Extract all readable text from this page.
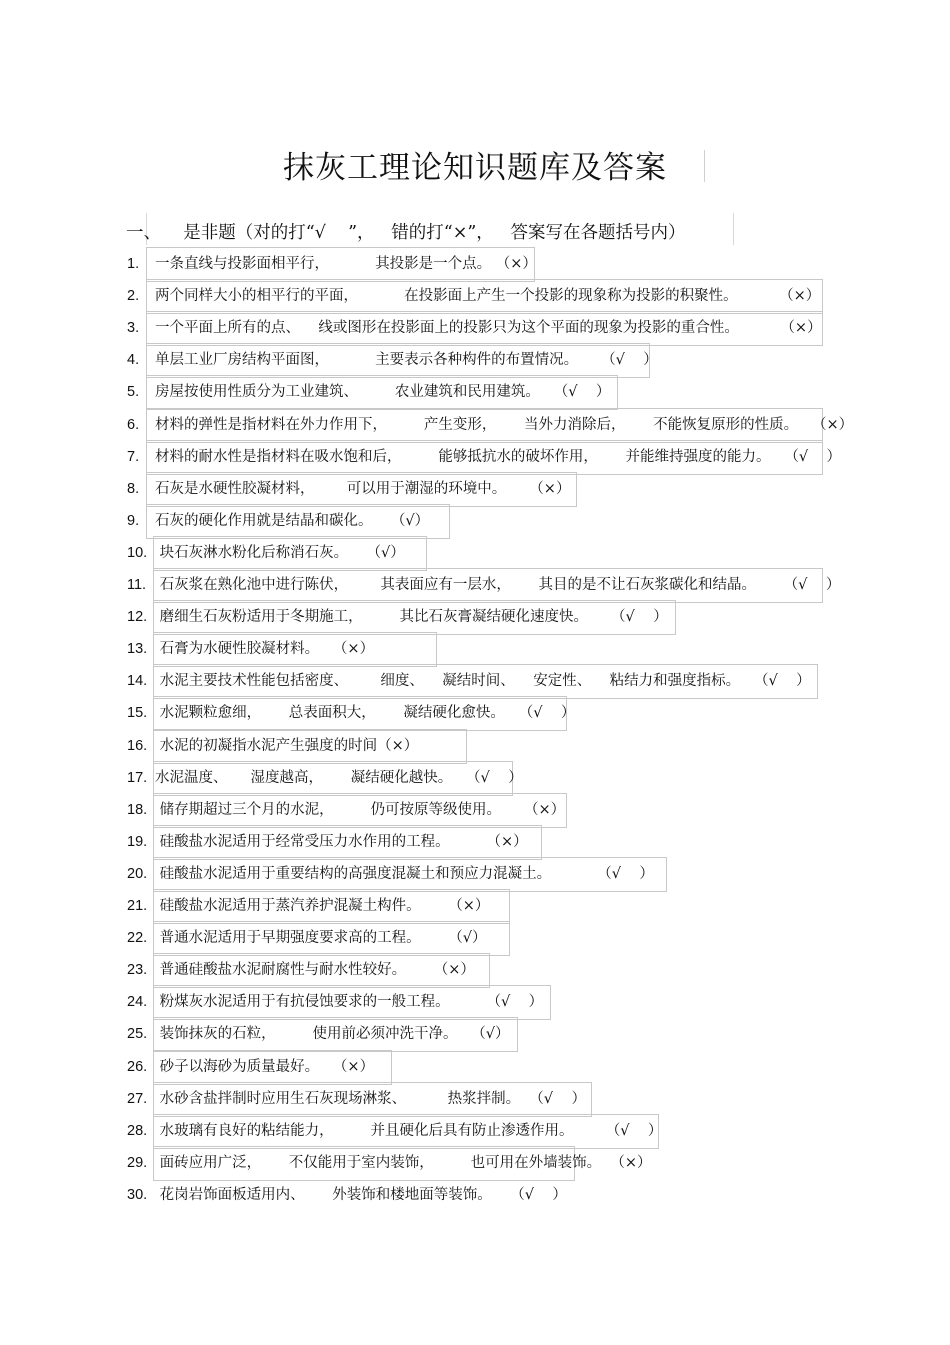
抹灰工理论知识题库及答案
一、 是非题（对的打“√    ”，   错的打“×”，   答案写在各题括号内）
1. 一条直线与投影面相平行，          其投影是一个点。 （×）
2. 两个同样大小的相平行的平面，          在投影面上产生一个投影的现象称为投影的积聚性。         （×）
3. 一个平面上所有的点、    线或图形在投影面上的投影只为这个平面的现象为投影的重合性。         （×）
4. 单层工业厂房结构平面图，          主要表示各种构件的布置情况。     （√    ）
5. 房屋按使用性质分为工业建筑、        农业建筑和民用建筑。   （√    ）
6. 材料的弹性是指材料在外力作用下，        产生变形，      当外力消除后，      不能恢复原形的性质。   （×）
7. 材料的耐水性是指材料在吸水饱和后，        能够抵抗水的破坏作用，      并能维持强度的能力。   （√    ）
8. 石灰是水硬性胶凝材料，       可以用于潮湿的环境中。     （×）
9. 石灰的硬化作用就是结晶和碳化。    （√）
10. 块石灰淋水粉化后称消石灰。    （√）
11. 石灰浆在熟化池中进行陈伏，       其表面应有一层水，      其目的是不让石灰浆碳化和结晶。      （√    ）
12. 磨细生石灰粉适用于冬期施工，        其比石灰膏凝结硬化速度快。     （√    ）
13. 石膏为水硬性胶凝材料。   （×）
14. 水泥主要技术性能包括密度、       细度、    凝结时间、    安定性、    粘结力和强度指标。   （√    ）
15. 水泥颗粒愈细，      总表面积大，      凝结硬化愈快。   （√    ）
16. 水泥的初凝指水泥产生强度的时间（×）
17. 水泥温度、     湿度越高，      凝结硬化越快。   （√    ）
18. 储存期超过三个月的水泥，        仍可按原等级使用。     （×）
19. 硅酸盐水泥适用于经常受压力水作用的工程。        （×）
20. 硅酸盐水泥适用于重要结构的高强度混凝土和预应力混凝土。          （√    ）
21. 硅酸盐水泥适用于蒸汽养护混凝土构件。      （×）
22. 普通水泥适用于早期强度要求高的工程。      （√）
23. 普通硅酸盐水泥耐腐性与耐水性较好。      （×）
24. 粉煤灰水泥适用于有抗侵蚀要求的一般工程。        （√    ）
25. 装饰抹灰的石粒，        使用前必须冲洗干净。   （√）
26. 砂子以海砂为质量最好。   （×）
27. 水砂含盐拌制时应用生石灰现场淋浆、         热浆拌制。  （√    ）
28. 水玻璃有良好的粘结能力，        并且硬化后具有防止渗透作用。       （√    ）
29. 面砖应用广泛，      不仅能用于室内装饰，        也可用在外墙装饰。  （×）
30. 花岗岩饰面板适用内、      外装饰和楼地面等装饰。    （√    ）
